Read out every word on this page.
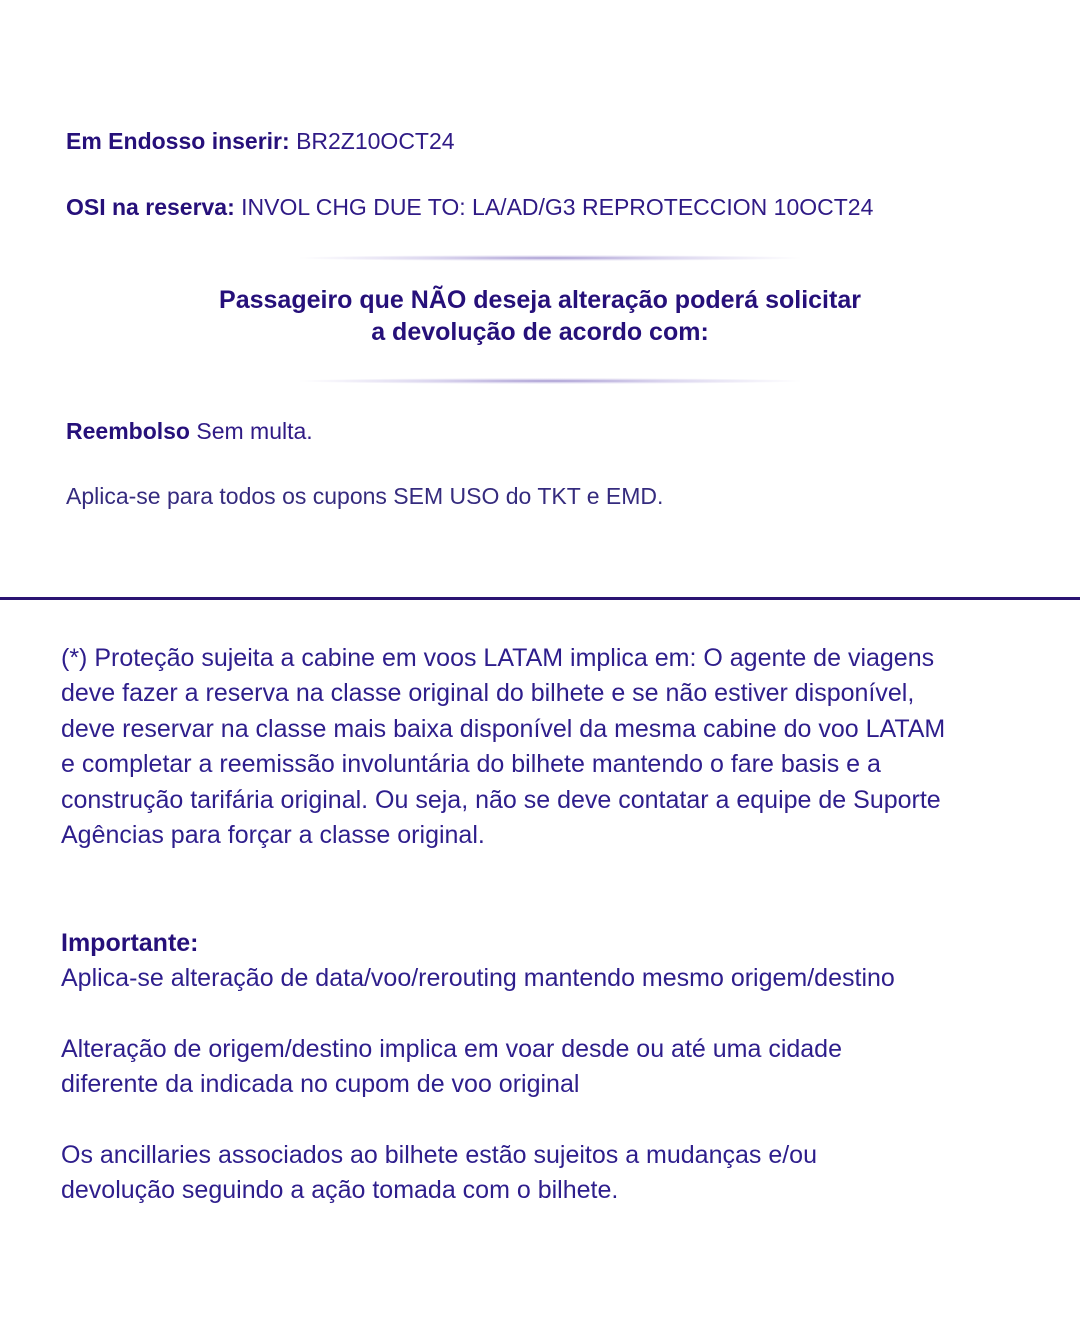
Em Endosso inserir: BR2Z10OCT24

OSI na reserva: INVOL CHG DUE TO: LA/AD/G3 REPROTECCION 10OCT24

Passageiro que NÃO deseja alteração poderá solicitar
a devolução de acordo com:

Reembolso Sem multa.

Aplica-se para todos os cupons SEM USO do TKT e EMD.

(*) Proteção sujeita a cabine em voos LATAM implica em: O agente de viagens
deve fazer a reserva na classe original do bilhete e se não estiver disponível,
deve reservar na classe mais baixa disponível da mesma cabine do voo LATAM
e completar a reemissão involuntária do bilhete mantendo o fare basis e a
construção tarifária original. Ou seja, não se deve contatar a equipe de Suporte
Agências para forçar a classe original.

Importante:

Aplica-se alteração de data/voo/rerouting mantendo mesmo origem/destino

Alteração de origem/destino implica em voar desde ou até uma cidade
diferente da indicada no cupom de voo original

Os ancillaries associados ao bilhete estão sujeitos a mudanças e/ou
devolução seguindo a ação tomada com o bilhete.
